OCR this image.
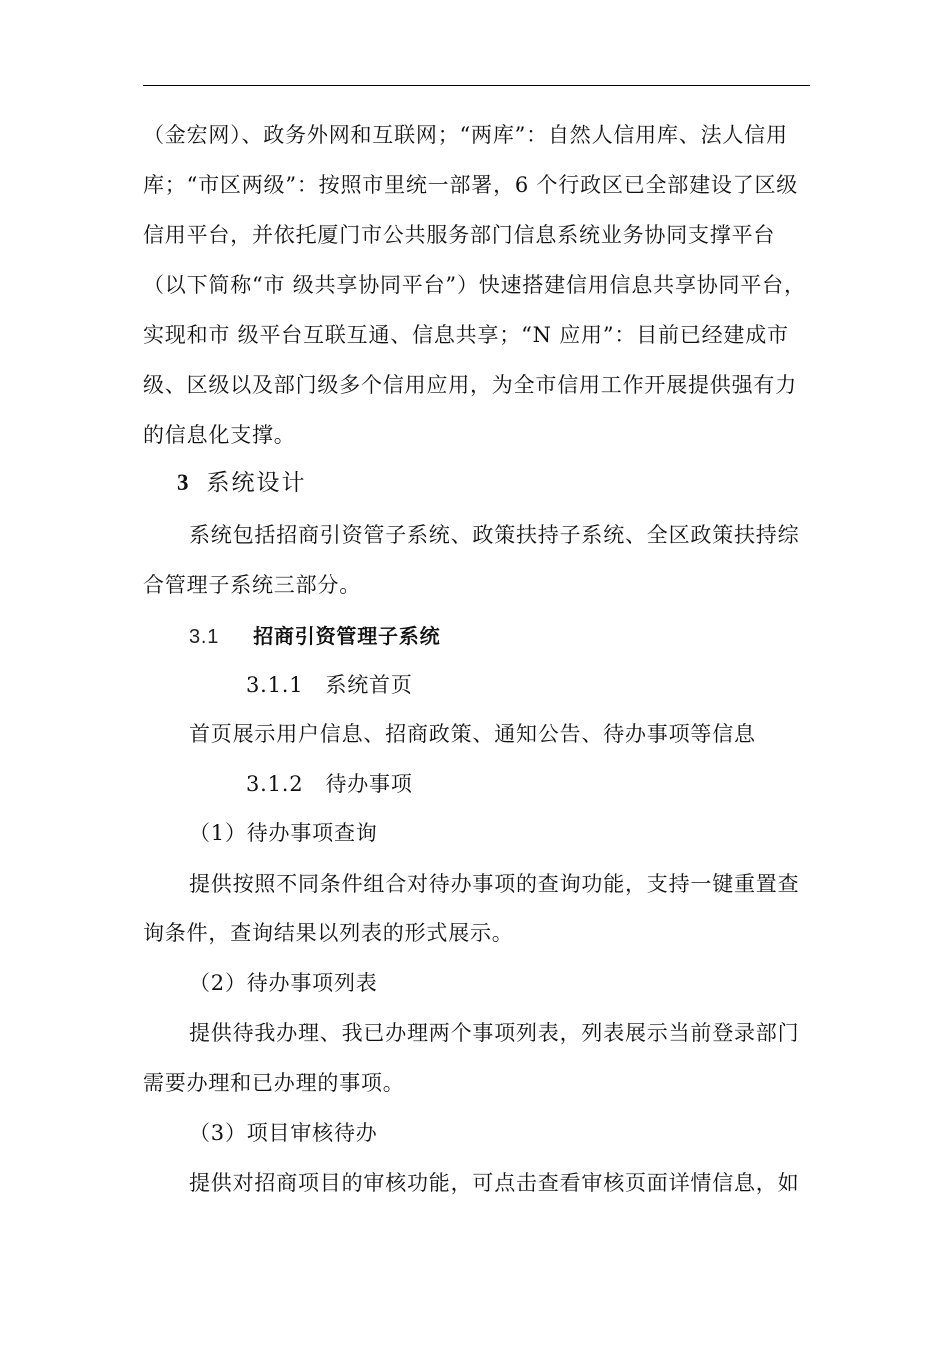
（金宏网）、政务外网和互联网；“两库”：自然人信用库、法人信用
库；“市区两级”：按照市里统一部署，6 个行政区已全部建设了区级
信用平台，并依托厦门市公共服务部门信息系统业务协同支撑平台
（以下简称“市 级共享协同平台”）快速搭建信用信息共享协同平台，
实现和市 级平台互联互通、信息共享；“N 应用”：目前已经建成市
级、区级以及部门级多个信用应用，为全市信用工作开展提供强有力
的信息化支撑。
3 系统设计
系统包括招商引资管子系统、政策扶持子系统、全区政策扶持综
合管理子系统三部分。
3.1 招商引资管理子系统
3.1.1 系统首页
首页展示用户信息、招商政策、通知公告、待办事项等信息
3.1.2 待办事项
（1）待办事项查询
提供按照不同条件组合对待办事项的查询功能，支持一键重置查
询条件，查询结果以列表的形式展示。
（2）待办事项列表
提供待我办理、我已办理两个事项列表，列表展示当前登录部门
需要办理和已办理的事项。
（3）项目审核待办
提供对招商项目的审核功能，可点击查看审核页面详情信息，如
